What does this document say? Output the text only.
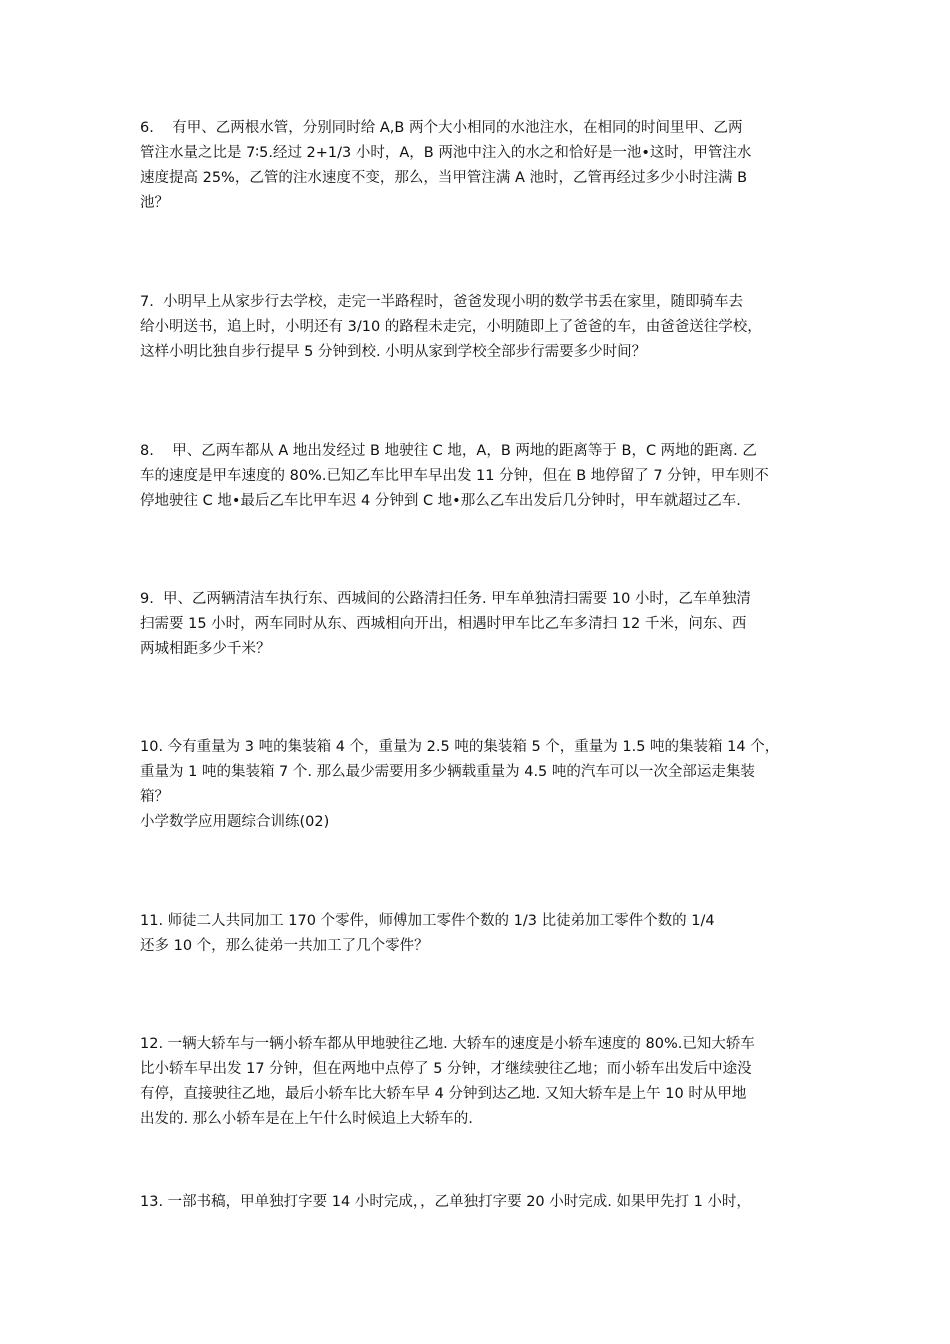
6.    有甲、乙两根水管，分别同时给 A,B 两个大小相同的水池注水，在相同的时间里甲、乙两
管注水量之比是 7∶5.经过 2+1/3 小时，A，B 两池中注入的水之和恰好是一池•这时，甲管注水
速度提高 25%，乙管的注水速度不变，那么，当甲管注满 A 池时，乙管再经过多少小时注满 B
池？
7.  小明早上从家步行去学校，走完一半路程时，爸爸发现小明的数学书丢在家里，随即骑车去
给小明送书，追上时，小明还有 3/10 的路程未走完，小明随即上了爸爸的车，由爸爸送往学校，
这样小明比独自步行提早 5 分钟到校. 小明从家到学校全部步行需要多少时间？
8.    甲、乙两车都从 A 地出发经过 B 地驶往 C 地，A，B 两地的距离等于 B，C 两地的距离. 乙
车的速度是甲车速度的 80%.已知乙车比甲车早出发 11 分钟，但在 B 地停留了 7 分钟，甲车则不
停地驶往 C 地•最后乙车比甲车迟 4 分钟到 C 地•那么乙车出发后几分钟时，甲车就超过乙车.
9.  甲、乙两辆清洁车执行东、西城间的公路清扫任务. 甲车单独清扫需要 10 小时，乙车单独清
扫需要 15 小时，两车同时从东、西城相向开出，相遇时甲车比乙车多清扫 12 千米，问东、西
两城相距多少千米？
10. 今有重量为 3 吨的集装箱 4 个，重量为 2.5 吨的集装箱 5 个，重量为 1.5 吨的集装箱 14 个，
重量为 1 吨的集装箱 7 个. 那么最少需要用多少辆载重量为 4.5 吨的汽车可以一次全部运走集装
箱？
小学数学应用题综合训练(02)
11. 师徒二人共同加工 170 个零件，师傅加工零件个数的 1/3 比徒弟加工零件个数的 1/4
还多 10 个，那么徒弟一共加工了几个零件？
12. 一辆大轿车与一辆小轿车都从甲地驶往乙地. 大轿车的速度是小轿车速度的 80%.已知大轿车
比小轿车早出发 17 分钟，但在两地中点停了 5 分钟，才继续驶往乙地；而小轿车出发后中途没
有停，直接驶往乙地，最后小轿车比大轿车早 4 分钟到达乙地. 又知大轿车是上午 10 时从甲地
出发的. 那么小轿车是在上午什么时候追上大轿车的.
13. 一部书稿，甲单独打字要 14 小时完成，，乙单独打字要 20 小时完成. 如果甲先打 1 小时，
